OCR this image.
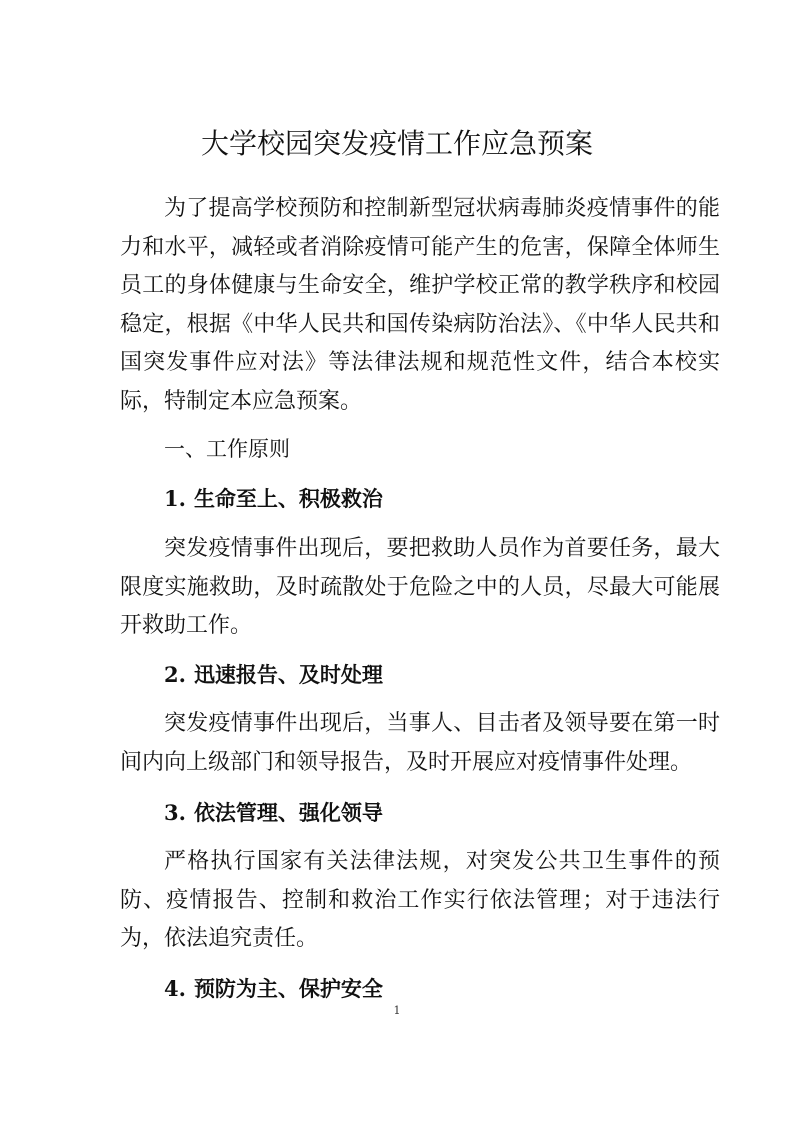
大学校园突发疫情工作应急预案

为了提高学校预防和控制新型冠状病毒肺炎疫情事件的能力和水平，减轻或者消除疫情可能产生的危害，保障全体师生员工的身体健康与生命安全，维护学校正常的教学秩序和校园稳定，根据《中华人民共和国传染病防治法》、《中华人民共和国突发事件应对法》等法律法规和规范性文件，结合本校实际，特制定本应急预案。

一、工作原则
1. 生命至上、积极救治

突发疫情事件出现后，要把救助人员作为首要任务，最大限度实施救助，及时疏散处于危险之中的人员，尽最大可能展开救助工作。

2. 迅速报告、及时处理

突发疫情事件出现后，当事人、目击者及领导要在第一时间内向上级部门和领导报告，及时开展应对疫情事件处理。

3. 依法管理、强化领导

严格执行国家有关法律法规，对突发公共卫生事件的预防、疫情报告、控制和救治工作实行依法管理；对于违法行为，依法追究责任。

4. 预防为主、保护安全
1
